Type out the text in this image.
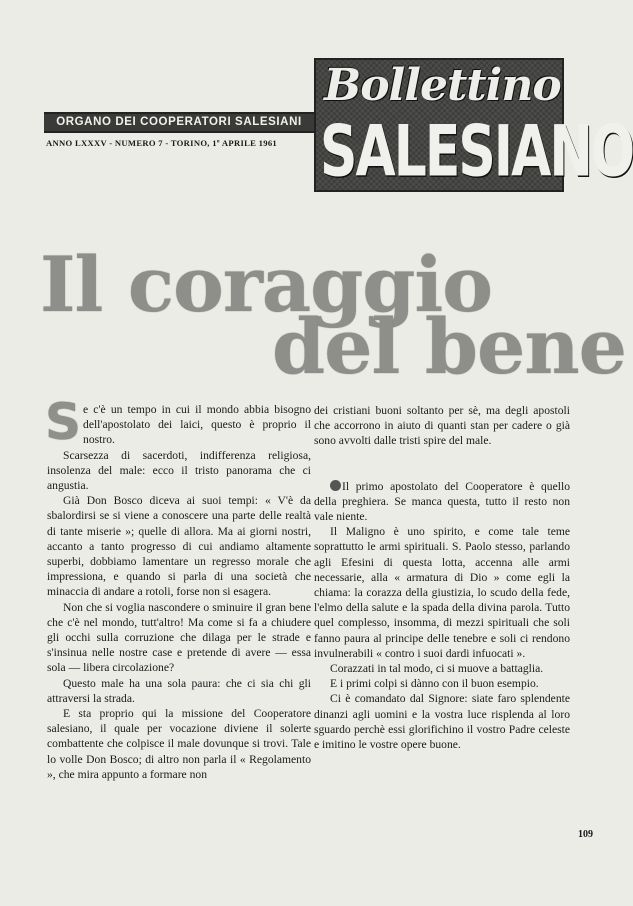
Bollettino
SALESIANO
ORGANO DEI COOPERATORI SALESIANI
ANNO LXXXV - NUMERO 7 - TORINO, 1º APRILE 1961
Il coraggio
del bene

Se c'è un tempo in cui il mondo abbia bisogno dell'apostolato dei laici, questo è proprio il nostro.

Scarsezza di sacerdoti, indifferenza religiosa, insolenza del male: ecco il tristo panorama che ci angustia.

Già Don Bosco diceva ai suoi tempi: « V'è da sbalordirsi se si viene a conoscere una parte delle realtà di tante miserie »; quelle di allora. Ma ai giorni nostri, accanto a tanto progresso di cui andiamo altamente superbi, dobbiamo lamentare un regresso morale che impressiona, e quando si parla di una società che minaccia di andare a rotoli, forse non si esagera.

Non che si voglia nascondere o sminuire il gran bene che c'è nel mondo, tutt'altro! Ma come si fa a chiudere gli occhi sulla corruzione che dilaga per le strade e s'insinua nelle nostre case e pretende di avere — essa sola — libera circolazione?

Questo male ha una sola paura: che ci sia chi gli attraversi la strada.

E sta proprio qui la missione del Cooperatore salesiano, il quale per vocazione diviene il solerte combattente che colpisce il male dovunque si trovi. Tale lo volle Don Bosco; di altro non parla il « Regolamento », che mira appunto a formare non

dei cristiani buoni soltanto per sè, ma degli apostoli che accorrono in aiuto di quanti stan per cadere o già sono avvolti dalle tristi spire del male.

Il primo apostolato del Cooperatore è quello della preghiera. Se manca questa, tutto il resto non vale niente.

Il Maligno è uno spirito, e come tale teme soprattutto le armi spirituali. S. Paolo stesso, parlando agli Efesini di questa lotta, accenna alle armi necessarie, alla « armatura di Dio » come egli la chiama: la corazza della giustizia, lo scudo della fede, l'elmo della salute e la spada della divina parola. Tutto quel complesso, insomma, di mezzi spirituali che soli fanno paura al principe delle tenebre e soli ci rendono invulnerabili « contro i suoi dardi infuocati ».

Corazzati in tal modo, ci si muove a battaglia.

E i primi colpi si dànno con il buon esempio.

Ci è comandato dal Signore: siate faro splendente dinanzi agli uomini e la vostra luce risplenda al loro sguardo perchè essi glorifichino il vostro Padre celeste e imitino le vostre opere buone.

109
